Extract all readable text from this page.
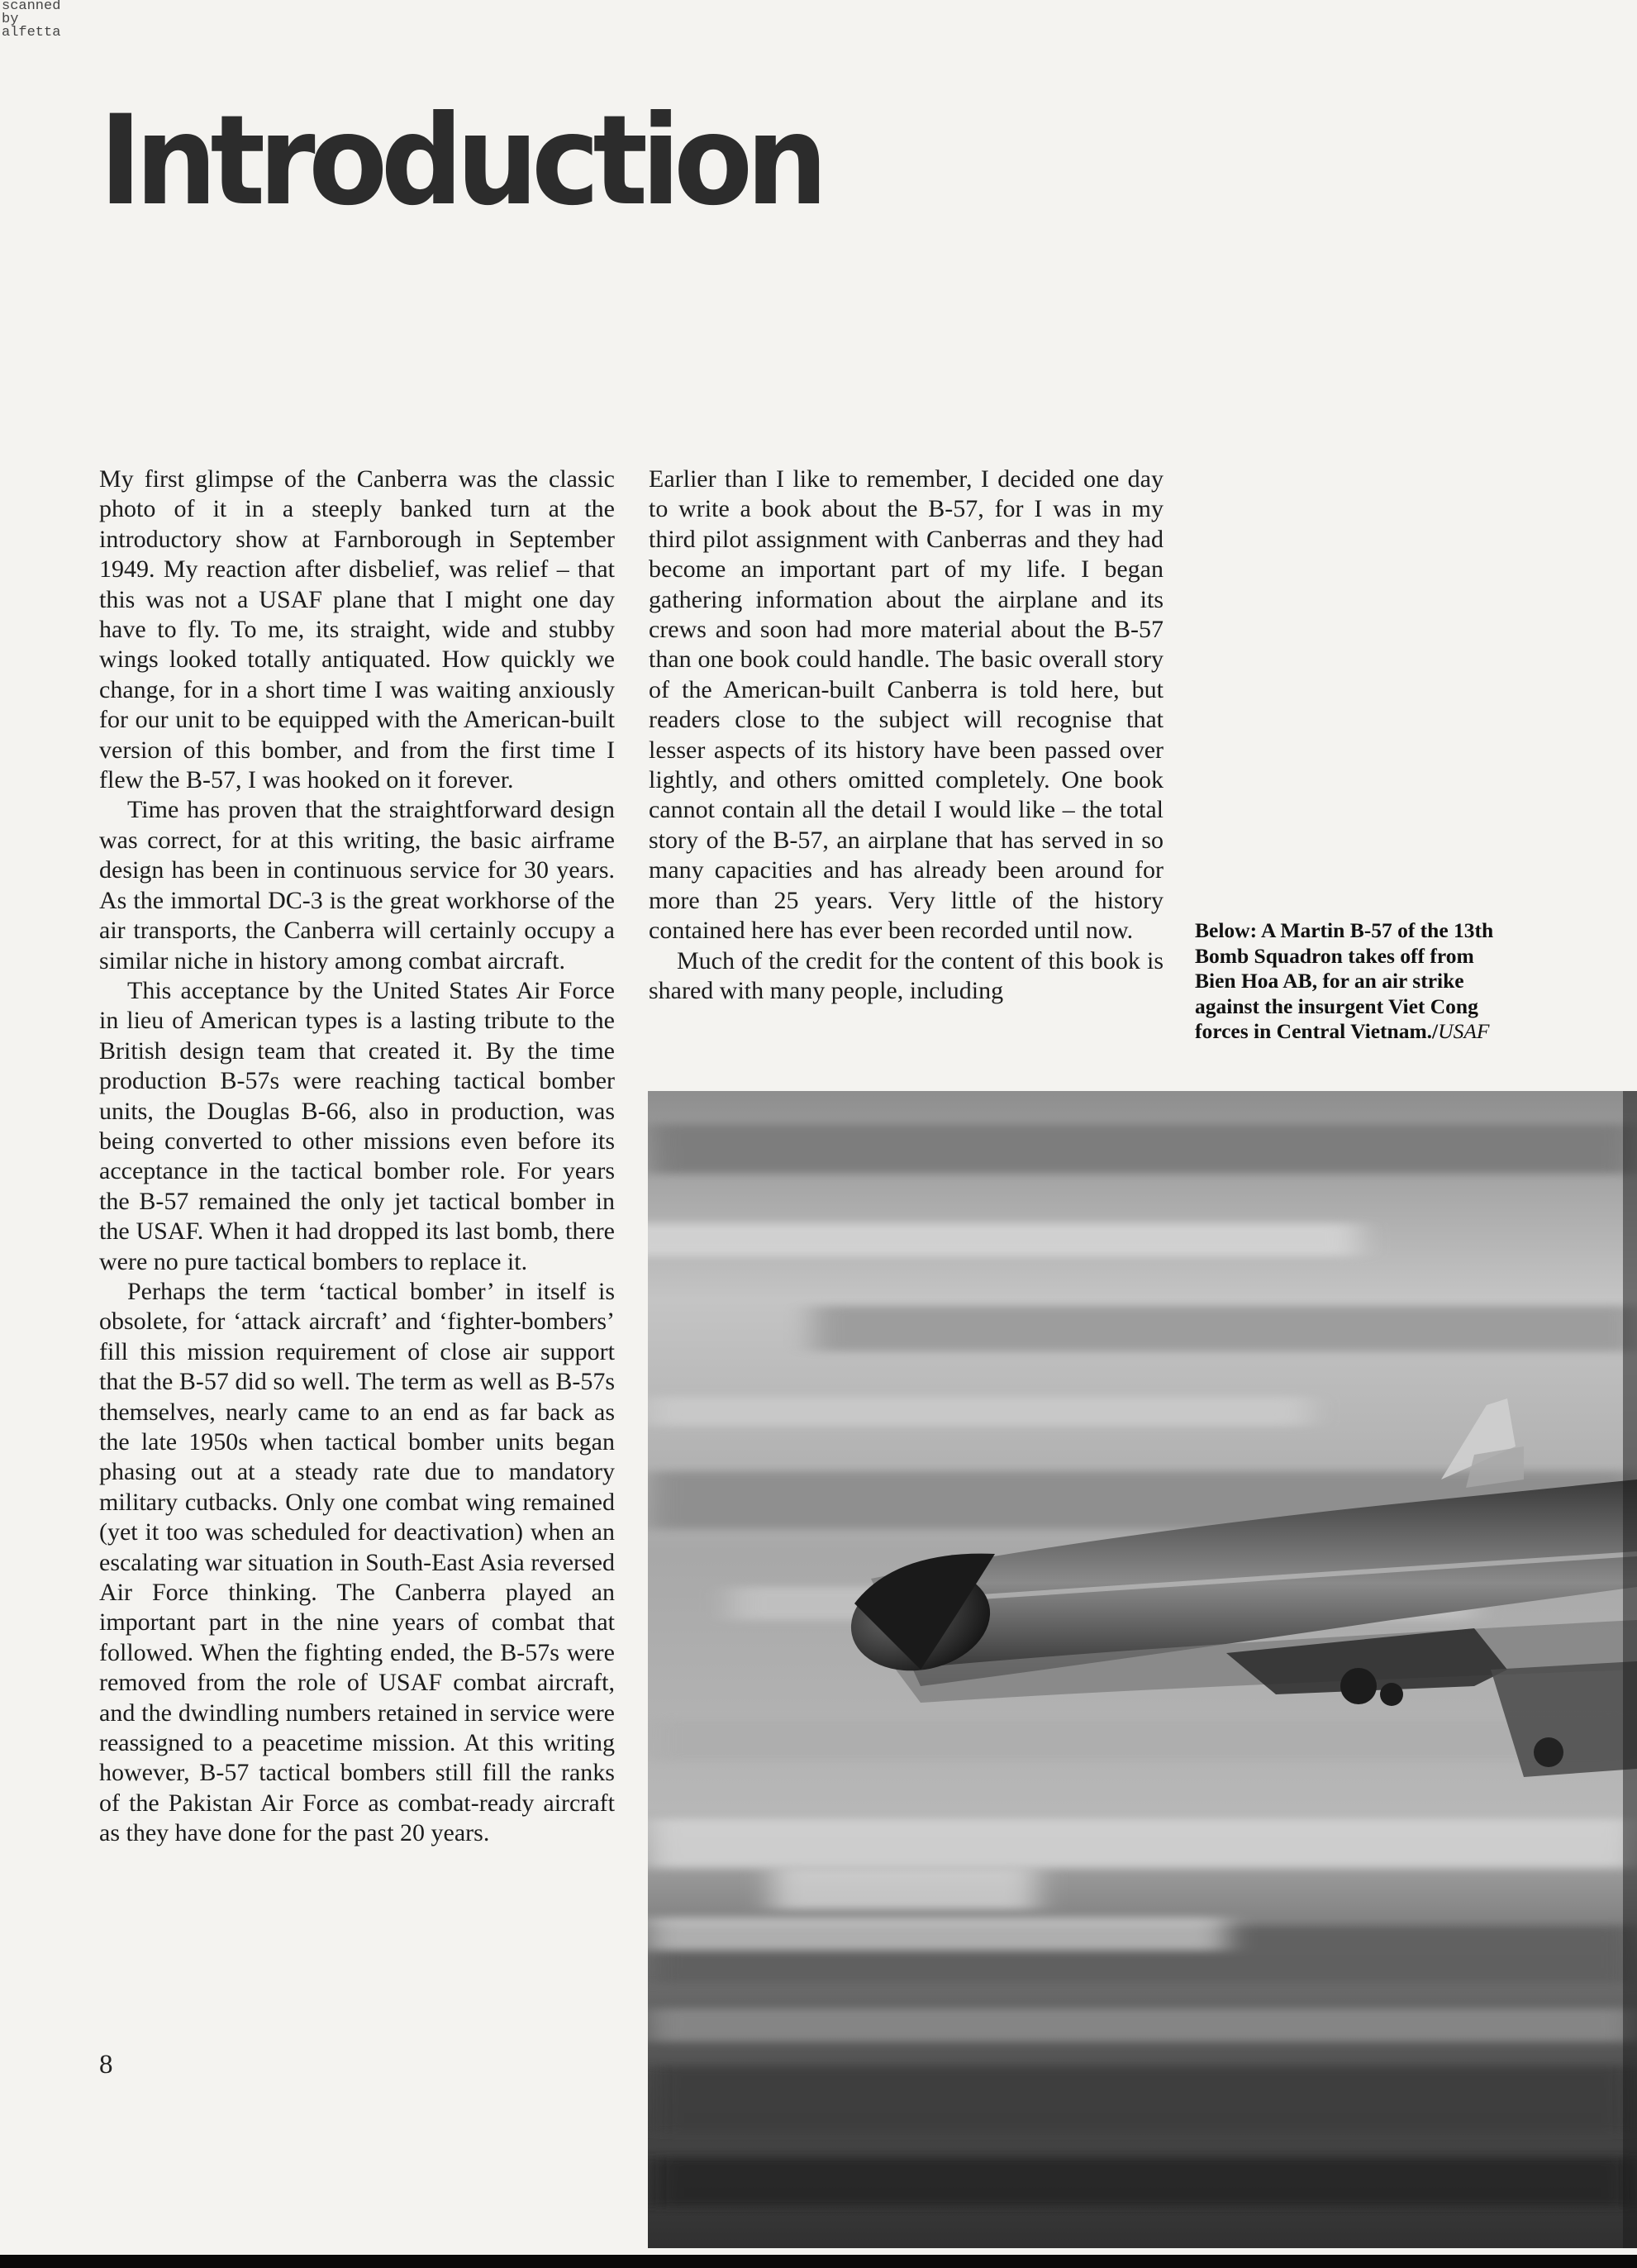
scanned
by
alfetta
Introduction

My first glimpse of the Canberra was the classic photo of it in a steeply banked turn at the introductory show at Farnborough in September 1949. My reaction after disbelief, was relief – that this was not a USAF plane that I might one day have to fly. To me, its straight, wide and stubby wings looked totally antiquated. How quickly we change, for in a short time I was waiting anxiously for our unit to be equipped with the American-built version of this bomber, and from the first time I flew the B-57, I was hooked on it forever.

Time has proven that the straightforward design was correct, for at this writing, the basic airframe design has been in continuous service for 30 years. As the immortal DC-3 is the great workhorse of the air transports, the Canberra will certainly occupy a similar niche in history among combat aircraft.

This acceptance by the United States Air Force in lieu of American types is a lasting tribute to the British design team that created it. By the time production B-57s were reaching tactical bomber units, the Douglas B-66, also in production, was being converted to other missions even before its acceptance in the tactical bomber role. For years the B-57 remained the only jet tactical bomber in the USAF. When it had dropped its last bomb, there were no pure tactical bombers to replace it.

Perhaps the term ‘tactical bomber’ in itself is obsolete, for ‘attack aircraft’ and ‘fighter-bombers’ fill this mission requirement of close air support that the B-57 did so well. The term as well as B-57s themselves, nearly came to an end as far back as the late 1950s when tactical bomber units began phasing out at a steady rate due to mandatory military cutbacks. Only one combat wing remained (yet it too was scheduled for deactivation) when an escalating war situation in South-East Asia reversed Air Force thinking. The Canberra played an important part in the nine years of combat that followed. When the fighting ended, the B-57s were removed from the role of USAF combat aircraft, and the dwindling numbers retained in service were reassigned to a peacetime mission. At this writing however, B-57 tactical bombers still fill the ranks of the Pakistan Air Force as combat-ready aircraft as they have done for the past 20 years.

Earlier than I like to remember, I decided one day to write a book about the B-57, for I was in my third pilot assignment with Canberras and they had become an important part of my life. I began gathering information about the airplane and its crews and soon had more material about the B-57 than one book could handle. The basic overall story of the American-built Canberra is told here, but readers close to the subject will recognise that lesser aspects of its history have been passed over lightly, and others omitted completely. One book cannot contain all the detail I would like – the total story of the B-57, an airplane that has served in so many capacities and has already been around for more than 25 years. Very little of the history contained here has ever been recorded until now.

Much of the credit for the content of this book is shared with many people, including

Below: A Martin B-57 of the 13th Bomb Squadron takes off from Bien Hoa AB, for an air strike against the insurgent Viet Cong forces in Central Vietnam./USAF
8
